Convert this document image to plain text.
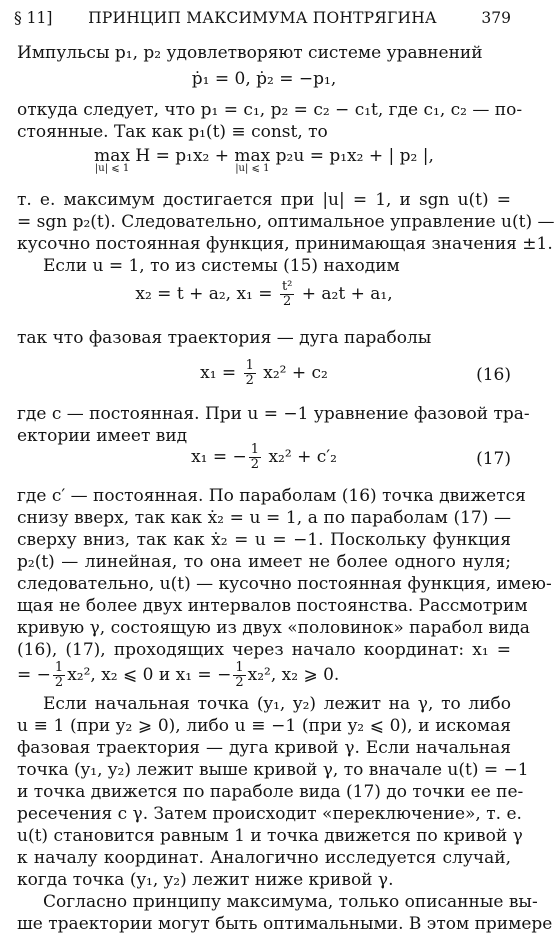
§ 11]	ПРИНЦИП МАКСИМУМА ПОНТРЯГИНА	379
Импульсы p₁, p₂ удовлетворяют системе уравнений
ṗ₁ = 0, ṗ₂ = −p₁,
откуда следует, что p₁ = c₁, p₂ = c₂ − c₁t, где c₁, c₂ — по-
стоянные. Так как p₁(t) ≡ const, то
max
|u| ⩽ 1
H = p₁x₂ + max
|u| ⩽ 1
p₂u = p₁x₂ + | p₂ |,
т. е. максимум достигается при |u| = 1, и sgn u(t) =
= sgn p₂(t). Следовательно, оптимальное управление u(t) —
кусочно постоянная функция, принимающая значения ±1.
Если u = 1, то из системы (15) находим
x₂ = t + a₂, $x_1 = \frac{\text{t²}}{2} + a_2t + a_1$,
так что фазовая траектория — дуга параболы
$x_1 = \frac{1}{2} x_2^2 + c_2$	(16)
где c — постоянная. При u = −1 уравнение фазовой тра-
ектории имеет вид
x₁ = − $\frac{1}{2} x_2^2 + c'_2$	(17)
где c′ — постоянная. По параболам (16) точка движется
снизу вверх, так как ẋ₂ = u = 1, а по параболам (17) —
сверху вниз, так как ẋ₂ = u = −1. Поскольку функция
p₂(t) — линейная, то она имеет не более одного нуля;
следовательно, u(t) — кусочно постоянная функция, имею-
щая не более двух интервалов постоянства. Рассмотрим
кривую γ, состоящую из двух «половинок» парабол вида
(16), (17), проходящих через начало координат: x₁ =
= − $\frac{1}{2} x_2^2$, x₂ ⩽ 0 и x₁ = − $\frac{1}{2} x_2^2$, x₂ ⩾ 0.
Если начальная точка (y₁, y₂) лежит на γ, то либо
u ≡ 1 (при y₂ ⩾ 0), либо u ≡ −1 (при y₂ ⩽ 0), и искомая
фазовая траектория — дуга кривой γ. Если начальная
точка (y₁, y₂) лежит выше кривой γ, то вначале u(t) = −1
и точка движется по параболе вида (17) до точки ее пе-
ресечения с γ. Затем происходит «переключение», т. е.
u(t) становится равным 1 и точка движется по кривой γ
к началу координат. Аналогично исследуется случай,
когда точка (y₁, y₂) лежит ниже кривой γ.
Согласно принципу максимума, только описанные вы-
ше траектории могут быть оптимальными. В этом примере
